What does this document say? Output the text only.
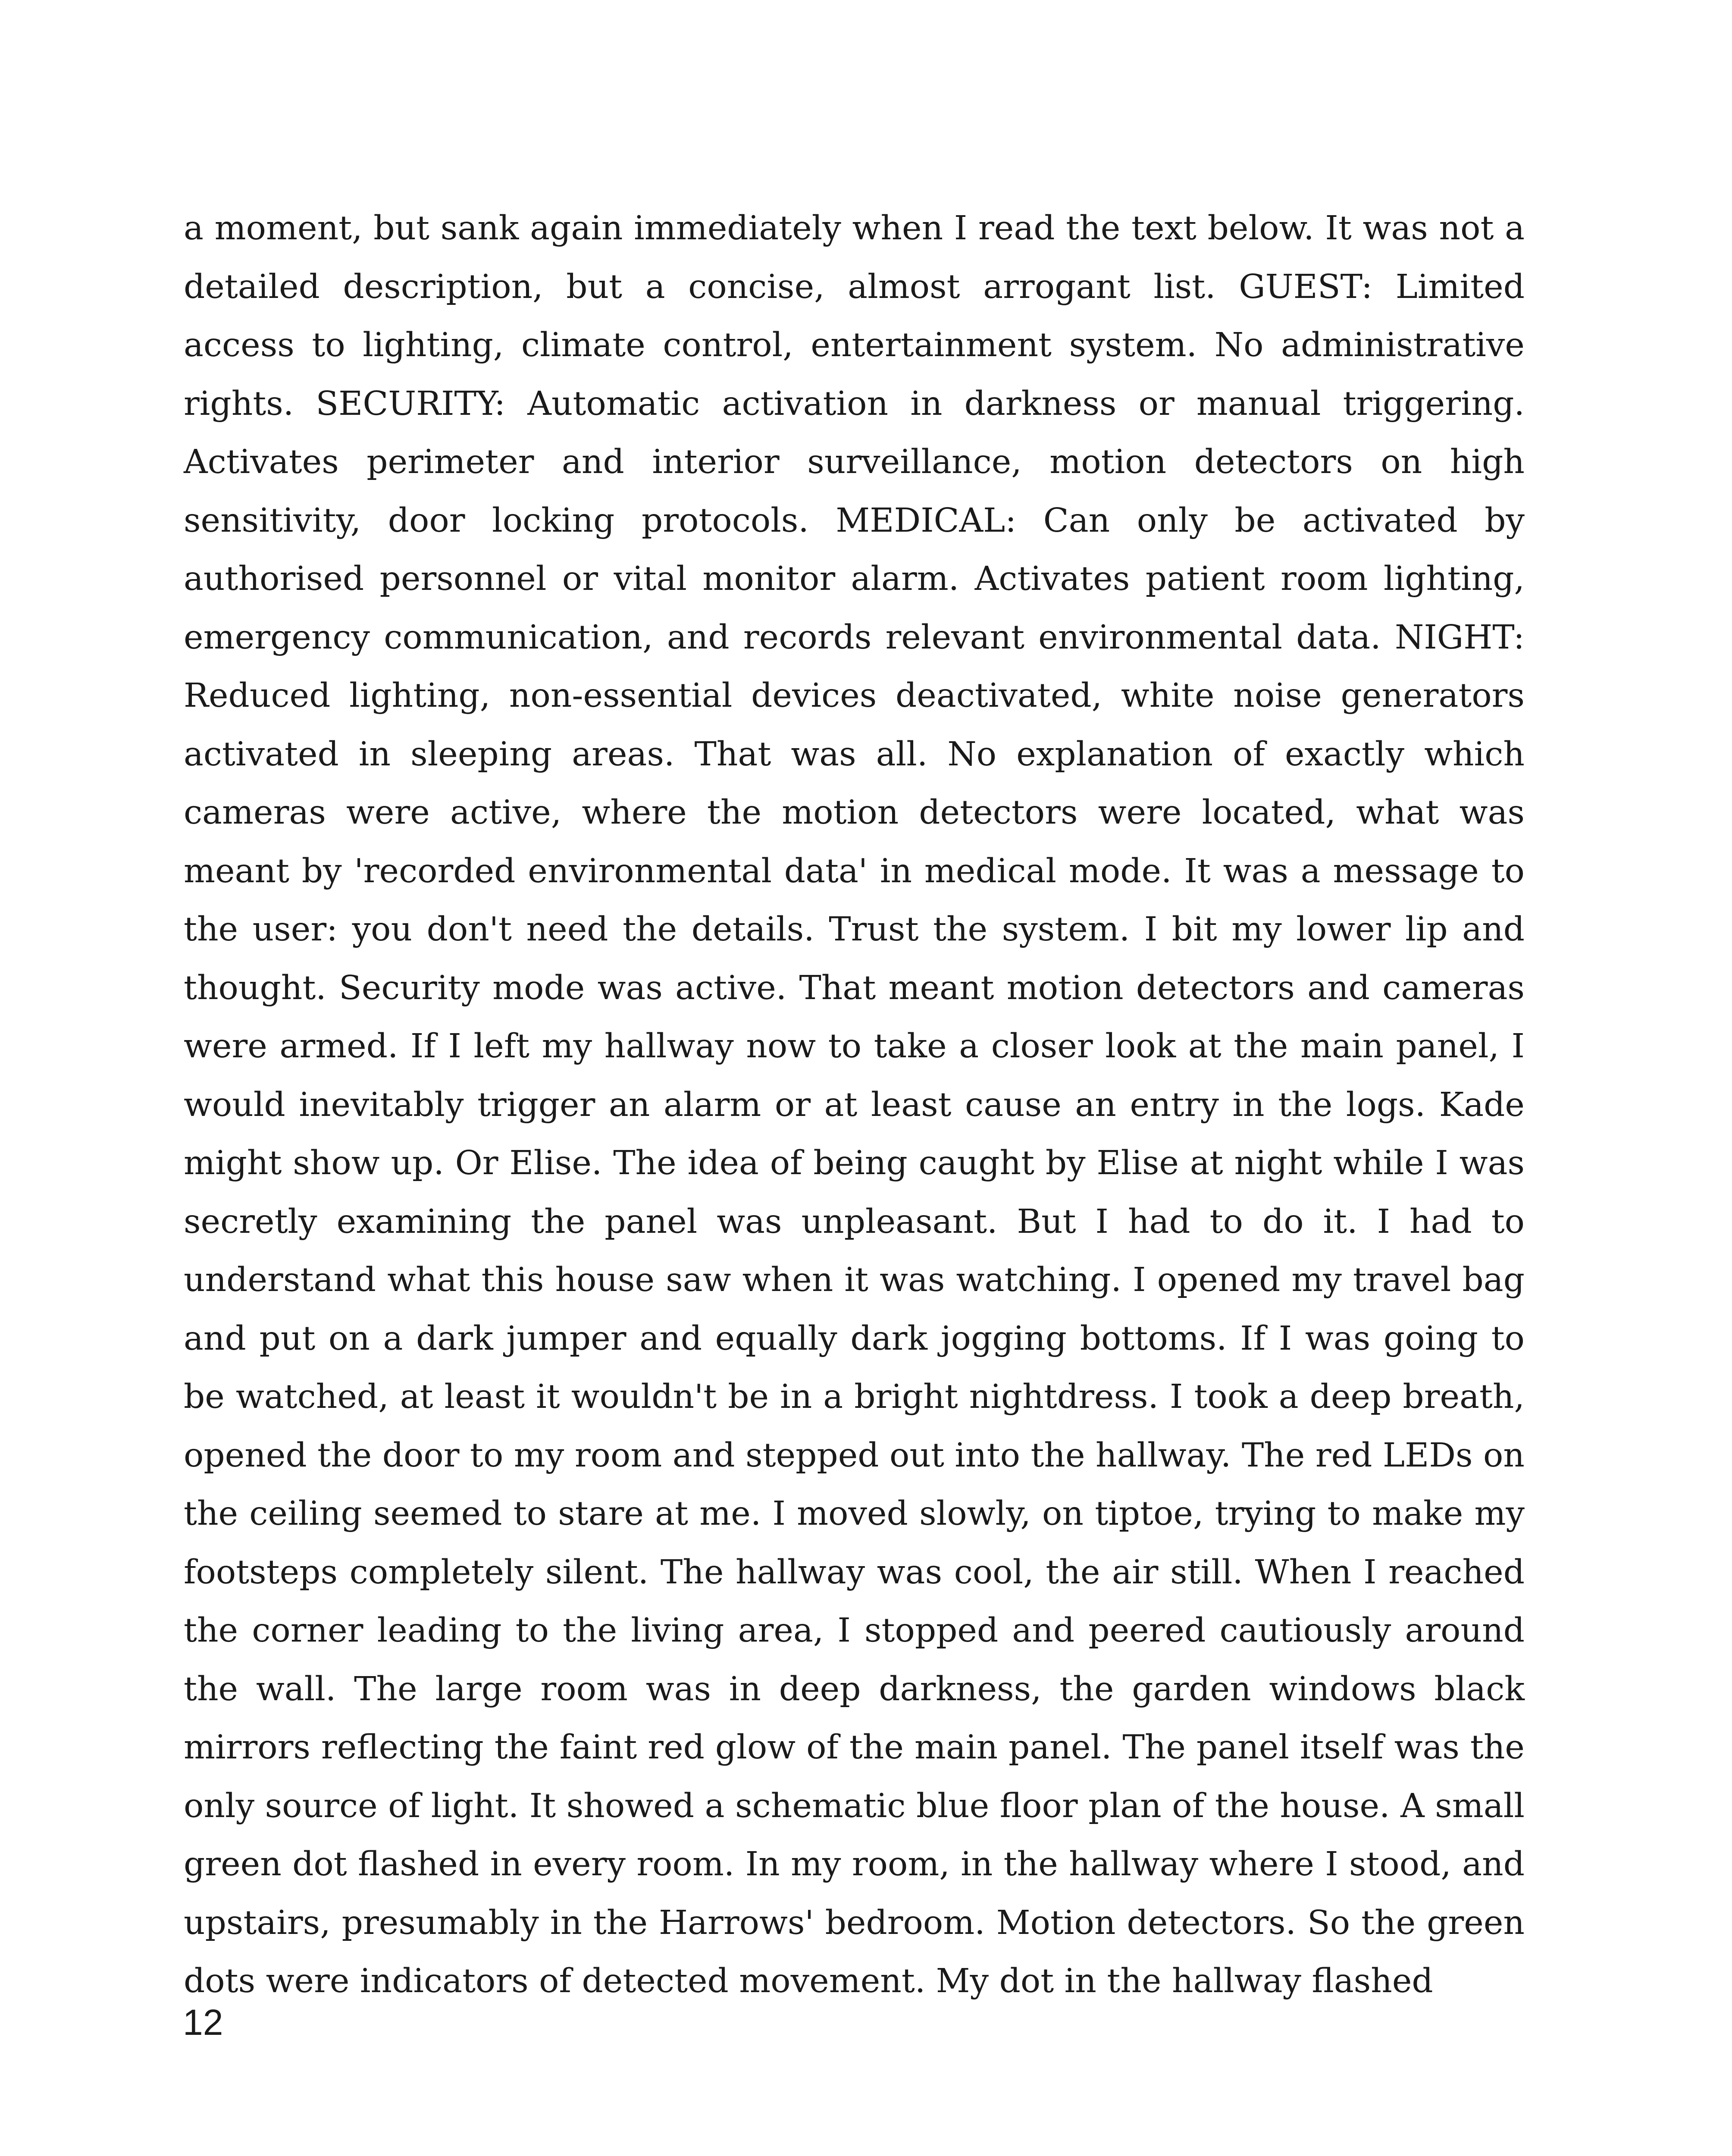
a moment, but sank again immediately when I read the text below. It was not a detailed description, but a concise, almost arrogant list. GUEST: Limited access to lighting, climate control, entertainment system. No administrative rights. SECURITY: Automatic activation in darkness or manual triggering. Activates perimeter and interior surveillance, motion detectors on high sensitivity, door locking protocols. MEDICAL: Can only be activated by authorised personnel or vital monitor alarm. Activates patient room lighting, emergency communication, and records relevant environmental data. NIGHT: Reduced lighting, non-essential devices deactivated, white noise generators activated in sleeping areas. That was all. No explanation of exactly which cameras were active, where the motion detectors were located, what was meant by 'recorded environmental data' in medical mode. It was a message to the user: you don't need the details. Trust the system. I bit my lower lip and thought. Security mode was active. That meant motion detectors and cameras were armed. If I left my hallway now to take a closer look at the main panel, I would inevitably trigger an alarm or at least cause an entry in the logs. Kade might show up. Or Elise. The idea of being caught by Elise at night while I was secretly examining the panel was unpleasant. But I had to do it. I had to understand what this house saw when it was watching. I opened my travel bag and put on a dark jumper and equally dark jogging bottoms. If I was going to be watched, at least it wouldn't be in a bright nightdress. I took a deep breath, opened the door to my room and stepped out into the hallway. The red LEDs on the ceiling seemed to stare at me. I moved slowly, on tiptoe, trying to make my footsteps completely silent. The hallway was cool, the air still. When I reached the corner leading to the living area, I stopped and peered cautiously around the wall. The large room was in deep darkness, the garden windows black mirrors reflecting the faint red glow of the main panel. The panel itself was the only source of light. It showed a schematic blue floor plan of the house. A small green dot flashed in every room. In my room, in the hallway where I stood, and upstairs, presumably in the Harrows' bedroom. Motion detectors. So the green dots were indicators of detected movement. My dot in the hallway flashed

12
